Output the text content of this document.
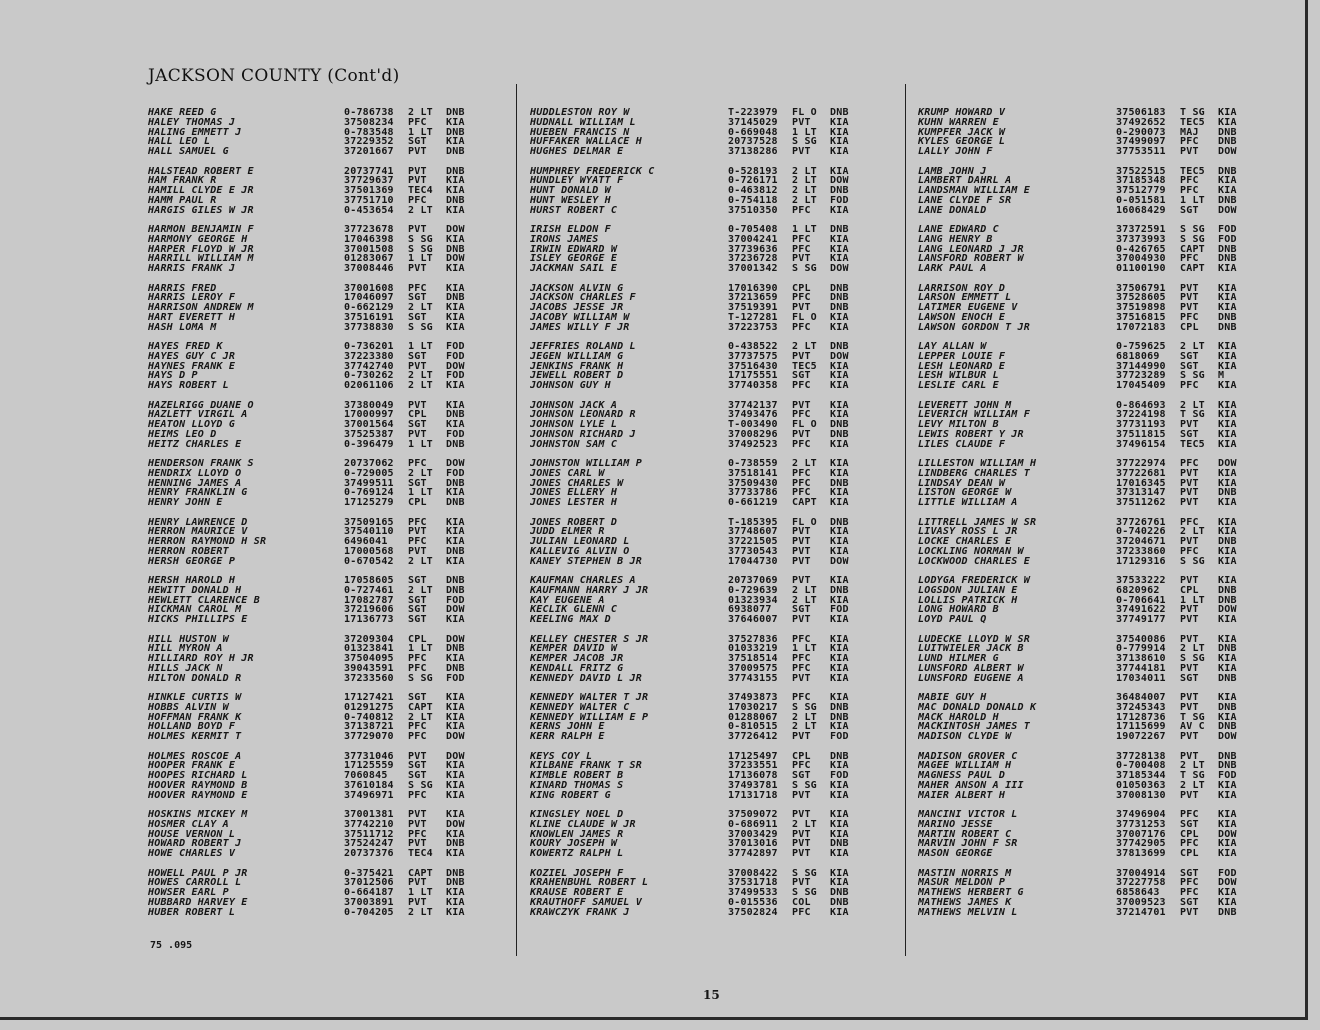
JACKSON COUNTY (Cont'd)
HAKE REED G	0-786738	2 LT	DNB
HALEY THOMAS J	37508234	PFC	KIA
HALING EMMETT J	0-783548	1 LT	DNB
HALL LEO L	37229352	SGT	KIA
HALL SAMUEL G	37201667	PVT	DNB
HALSTEAD ROBERT E	20737741	PVT	DNB
HAM FRANK R	37729637	PVT	KIA
HAMILL CLYDE E JR	37501369	TEC4	KIA
HAMM PAUL R	37751710	PFC	DNB
HARGIS GILES W JR	0-453654	2 LT	KIA
HARMON BENJAMIN F	37723678	PVT	DOW
HARMONY GEORGE H	17046398	S SG	KIA
HARPER FLOYD W JR	37001508	S SG	DNB
HARRILL WILLIAM M	01283067	1 LT	DOW
HARRIS FRANK J	37008446	PVT	KIA
HARRIS FRED	37001608	PFC	KIA
HARRIS LEROY F	17046097	SGT	DNB
HARRISON ANDREW M	0-662129	2 LT	KIA
HART EVERETT H	37516191	SGT	KIA
HASH LOMA M	37738830	S SG	KIA
HAYES FRED K	0-736201	1 LT	FOD
HAYES GUY C JR	37223380	SGT	FOD
HAYNES FRANK E	37742740	PVT	DOW
HAYS D P	0-730262	2 LT	FOD
HAYS ROBERT L	02061106	2 LT	KIA
HAZELRIGG DUANE O	37380049	PVT	KIA
HAZLETT VIRGIL A	17000997	CPL	DNB
HEATON LLOYD G	37001564	SGT	KIA
HEIMS LEO D	37525387	PVT	FOD
HEITZ CHARLES E	0-396479	1 LT	DNB
HENDERSON FRANK S	20737062	PFC	DOW
HENDRIX LLOYD O	0-729005	2 LT	FOD
HENNING JAMES A	37499511	SGT	DNB
HENRY FRANKLIN G	0-769124	1 LT	KIA
HENRY JOHN E	17125279	CPL	DNB
HENRY LAWRENCE D	37509165	PFC	KIA
HERRON MAURICE V	37540110	PVT	KIA
HERRON RAYMOND H SR	6496041	PFC	KIA
HERRON ROBERT	17000568	PVT	DNB
HERSH GEORGE P	0-670542	2 LT	KIA
HERSH HAROLD H	17058605	SGT	DNB
HEWITT DONALD H	0-727461	2 LT	DNB
HEWLETT CLARENCE B	17082787	SGT	FOD
HICKMAN CAROL M	37219606	SGT	DOW
HICKS PHILLIPS E	17136773	SGT	KIA
HILL HUSTON W	37209304	CPL	DOW
HILL MYRON A	01323841	1 LT	DNB
HILLIARD ROY H JR	37504095	PFC	KIA
HILLS JACK N	39043591	PFC	DNB
HILTON DONALD R	37233560	S SG	FOD
HINKLE CURTIS W	17127421	SGT	KIA
HOBBS ALVIN W	01291275	CAPT	KIA
HOFFMAN FRANK K	0-740812	2 LT	KIA
HOLLAND BOYD F	37138721	PFC	KIA
HOLMES KERMIT T	37729070	PFC	DOW
HOLMES ROSCOE A	37731046	PVT	DOW
HOOPER FRANK E	17125559	SGT	KIA
HOOPES RICHARD L	7060845	SGT	KIA
HOOVER RAYMOND B	37610184	S SG	KIA
HOOVER RAYMOND E	37496971	PFC	KIA
HOSKINS MICKEY M	37001381	PVT	KIA
HOSMER CLAY A	37742210	PVT	DOW
HOUSE VERNON L	37511712	PFC	KIA
HOWARD ROBERT J	37524247	PVT	DNB
HOWE CHARLES V	20737376	TEC4	KIA
HOWELL PAUL P JR	0-375421	CAPT	DNB
HOWES CARROLL L	37012506	PVT	DNB
HOWSER EARL P	0-664187	1 LT	KIA
HUBBARD HARVEY E	37003891	PVT	KIA
HUBER ROBERT L	0-704205	2 LT	KIA
HUDDLESTON ROY W	T-223979	FL O	DNB
HUDNALL WILLIAM L	37145029	PVT	KIA
HUEBEN FRANCIS N	0-669048	1 LT	KIA
HUFFAKER WALLACE H	20737528	S SG	KIA
HUGHES DELMAR E	37138286	PVT	KIA
HUMPHREY FREDERICK C	0-528193	2 LT	KIA
HUNDLEY WYATT F	0-726171	2 LT	DOW
HUNT DONALD W	0-463812	2 LT	DNB
HUNT WESLEY H	0-754118	2 LT	FOD
HURST ROBERT C	37510350	PFC	KIA
IRISH ELDON F	0-705408	1 LT	DNB
IRONS JAMES	37004241	PFC	KIA
IRWIN EDWARD W	37739636	PFC	KIA
ISLEY GEORGE E	37236728	PVT	KIA
JACKMAN SAIL E	37001342	S SG	DOW
JACKSON ALVIN G	17016390	CPL	DNB
JACKSON CHARLES F	37213659	PFC	DNB
JACOBS JESSE JR	37519391	PVT	DNB
JACOBY WILLIAM W	T-127281	FL O	KIA
JAMES WILLY F JR	37223753	PFC	KIA
JEFFRIES ROLAND L	0-438522	2 LT	DNB
JEGEN WILLIAM G	37737575	PVT	DOW
JENKINS FRANK H	37516430	TEC5	KIA
JEWELL ROBERT D	17175551	SGT	KIA
JOHNSON GUY H	37740358	PFC	KIA
JOHNSON JACK A	37742137	PVT	KIA
JOHNSON LEONARD R	37493476	PFC	KIA
JOHNSON LYLE L	T-003490	FL O	DNB
JOHNSON RICHARD J	37008296	PVT	DNB
JOHNSTON SAM C	37492523	PFC	KIA
JOHNSTON WILLIAM P	0-738559	2 LT	KIA
JONES CARL W	37518141	PFC	KIA
JONES CHARLES W	37509430	PFC	DNB
JONES ELLERY H	37733786	PFC	KIA
JONES LESTER H	0-661219	CAPT	KIA
JONES ROBERT D	T-185395	FL O	DNB
JUDD ELMER R	37748607	PVT	KIA
JULIAN LEONARD L	37221505	PVT	KIA
KALLEVIG ALVIN O	37730543	PVT	KIA
KANEY STEPHEN B JR	17044730	PVT	DOW
KAUFMAN CHARLES A	20737069	PVT	KIA
KAUFMANN HARRY J JR	0-729639	2 LT	DNB
KAY EUGENE A	01323934	2 LT	KIA
KECLIK GLENN C	6938077	SGT	FOD
KEELING MAX D	37646007	PVT	KIA
KELLEY CHESTER S JR	37527836	PFC	KIA
KEMPER DAVID W	01033219	1 LT	KIA
KEMPER JACOB JR	37518514	PFC	KIA
KENDALL FRITZ G	37009575	PFC	KIA
KENNEDY DAVID L JR	37743155	PVT	KIA
KENNEDY WALTER T JR	37493873	PFC	KIA
KENNEDY WALTER C	17030217	S SG	DNB
KENNEDY WILLIAM E P	01288067	2 LT	DNB
KERNS JOHN E	0-810515	2 LT	KIA
KERR RALPH E	37726412	PVT	FOD
KEYS COY L	17125497	CPL	DNB
KILBANE FRANK T SR	37233551	PFC	KIA
KIMBLE ROBERT B	17136078	SGT	FOD
KINARD THOMAS S	37493781	S SG	KIA
KING ROBERT G	17131718	PVT	KIA
KINGSLEY NOEL D	37509072	PVT	KIA
KLINE CLAUDE W JR	0-686911	2 LT	KIA
KNOWLEN JAMES R	37003429	PVT	KIA
KOURY JOSEPH W	37013016	PVT	DNB
KOWERTZ RALPH L	37742897	PVT	KIA
KOZIEL JOSEPH F	37008422	S SG	KIA
KRAHENBUHL ROBERT L	37531718	PVT	KIA
KRAUSE ROBERT E	37499533	S SG	DNB
KRAUTHOFF SAMUEL V	0-015536	COL	DNB
KRAWCZYK FRANK J	37502824	PFC	KIA
KRUMP HOWARD V	37506183	T SG	KIA
KUHN WARREN E	37492652	TEC5	KIA
KUMPFER JACK W	0-290073	MAJ	DNB
KYLES GEORGE L	37499097	PFC	DNB
LALLY JOHN F	37753511	PVT	DOW
LAMB JOHN J	37522515	TEC5	DNB
LAMBERT DAHRL A	37185348	PFC	KIA
LANDSMAN WILLIAM E	37512779	PFC	KIA
LANE CLYDE F SR	0-051581	1 LT	DNB
LANE DONALD	16068429	SGT	DOW
LANE EDWARD C	37372591	S SG	FOD
LANG HENRY B	37373993	S SG	FOD
LANG LEONARD J JR	0-426765	CAPT	DNB
LANSFORD ROBERT W	37004930	PFC	DNB
LARK PAUL A	01100190	CAPT	KIA
LARRISON ROY D	37506791	PVT	KIA
LARSON EMMETT L	37528605	PVT	KIA
LATIMER EUGENE V	37519898	PVT	KIA
LAWSON ENOCH E	37516815	PFC	DNB
LAWSON GORDON T JR	17072183	CPL	DNB
LAY ALLAN W	0-759625	2 LT	KIA
LEPPER LOUIE F	6818069	SGT	KIA
LESH LEONARD E	37144990	SGT	KIA
LESH WILBUR L	37723289	S SG	M
LESLIE CARL E	17045409	PFC	KIA
LEVERETT JOHN M	0-864693	2 LT	KIA
LEVERICH WILLIAM F	37224198	T SG	KIA
LEVY MILTON B	37731193	PVT	KIA
LEWIS ROBERT Y JR	37511815	SGT	KIA
LILES CLAUDE F	37496154	TEC5	KIA
LILLESTON WILLIAM H	37722974	PFC	DOW
LINDBERG CHARLES T	37722681	PVT	KIA
LINDSAY DEAN W	17016345	PVT	KIA
LISTON GEORGE W	37313147	PVT	DNB
LITTLE WILLIAM A	37511262	PVT	KIA
LITTRELL JAMES W SR	37726761	PFC	KIA
LIVASY ROSS L JR	0-740226	2 LT	KIA
LOCKE CHARLES E	37204671	PVT	DNB
LOCKLING NORMAN W	37233860	PFC	KIA
LOCKWOOD CHARLES E	17129316	S SG	KIA
LODYGA FREDERICK W	37533222	PVT	KIA
LOGSDON JULIAN E	6820962	CPL	DNB
LOLLIS PATRICK H	0-706641	1 LT	DNB
LONG HOWARD B	37491622	PVT	DOW
LOYD PAUL Q	37749177	PVT	KIA
LUDECKE LLOYD W SR	37540086	PVT	KIA
LUITWIELER JACK B	0-779914	2 LT	DNB
LUND HILMER G	37138610	S SG	KIA
LUNSFORD ALBERT W	37744181	PVT	KIA
LUNSFORD EUGENE A	17034011	SGT	DNB
MABIE GUY H	36484007	PVT	KIA
MAC DONALD DONALD K	37245343	PVT	DNB
MACK HAROLD H	17128736	T SG	KIA
MACKINTOSH JAMES T	17115699	AV C	DNB
MADISON CLYDE W	19072267	PVT	DOW
MADISON GROVER C	37728138	PVT	DNB
MAGEE WILLIAM H	0-700408	2 LT	DNB
MAGNESS PAUL D	37185344	T SG	FOD
MAHER ANSON A III	01050363	2 LT	KIA
MAIER ALBERT H	37008130	PVT	KIA
MANCINI VICTOR L	37496904	PFC	KIA
MARINO JESSE	37731253	SGT	KIA
MARTIN ROBERT C	37007176	CPL	DOW
MARVIN JOHN F SR	37742905	PFC	KIA
MASON GEORGE	37813699	CPL	KIA
MASTIN NORRIS M	37004914	SGT	FOD
MASUR MELDON P	37227758	PFC	DOW
MATHEWS HERBERT G	6858643	PFC	KIA
MATHEWS JAMES K	37009523	SGT	KIA
MATHEWS MELVIN L	37214701	PVT	DNB
75 .095
15
